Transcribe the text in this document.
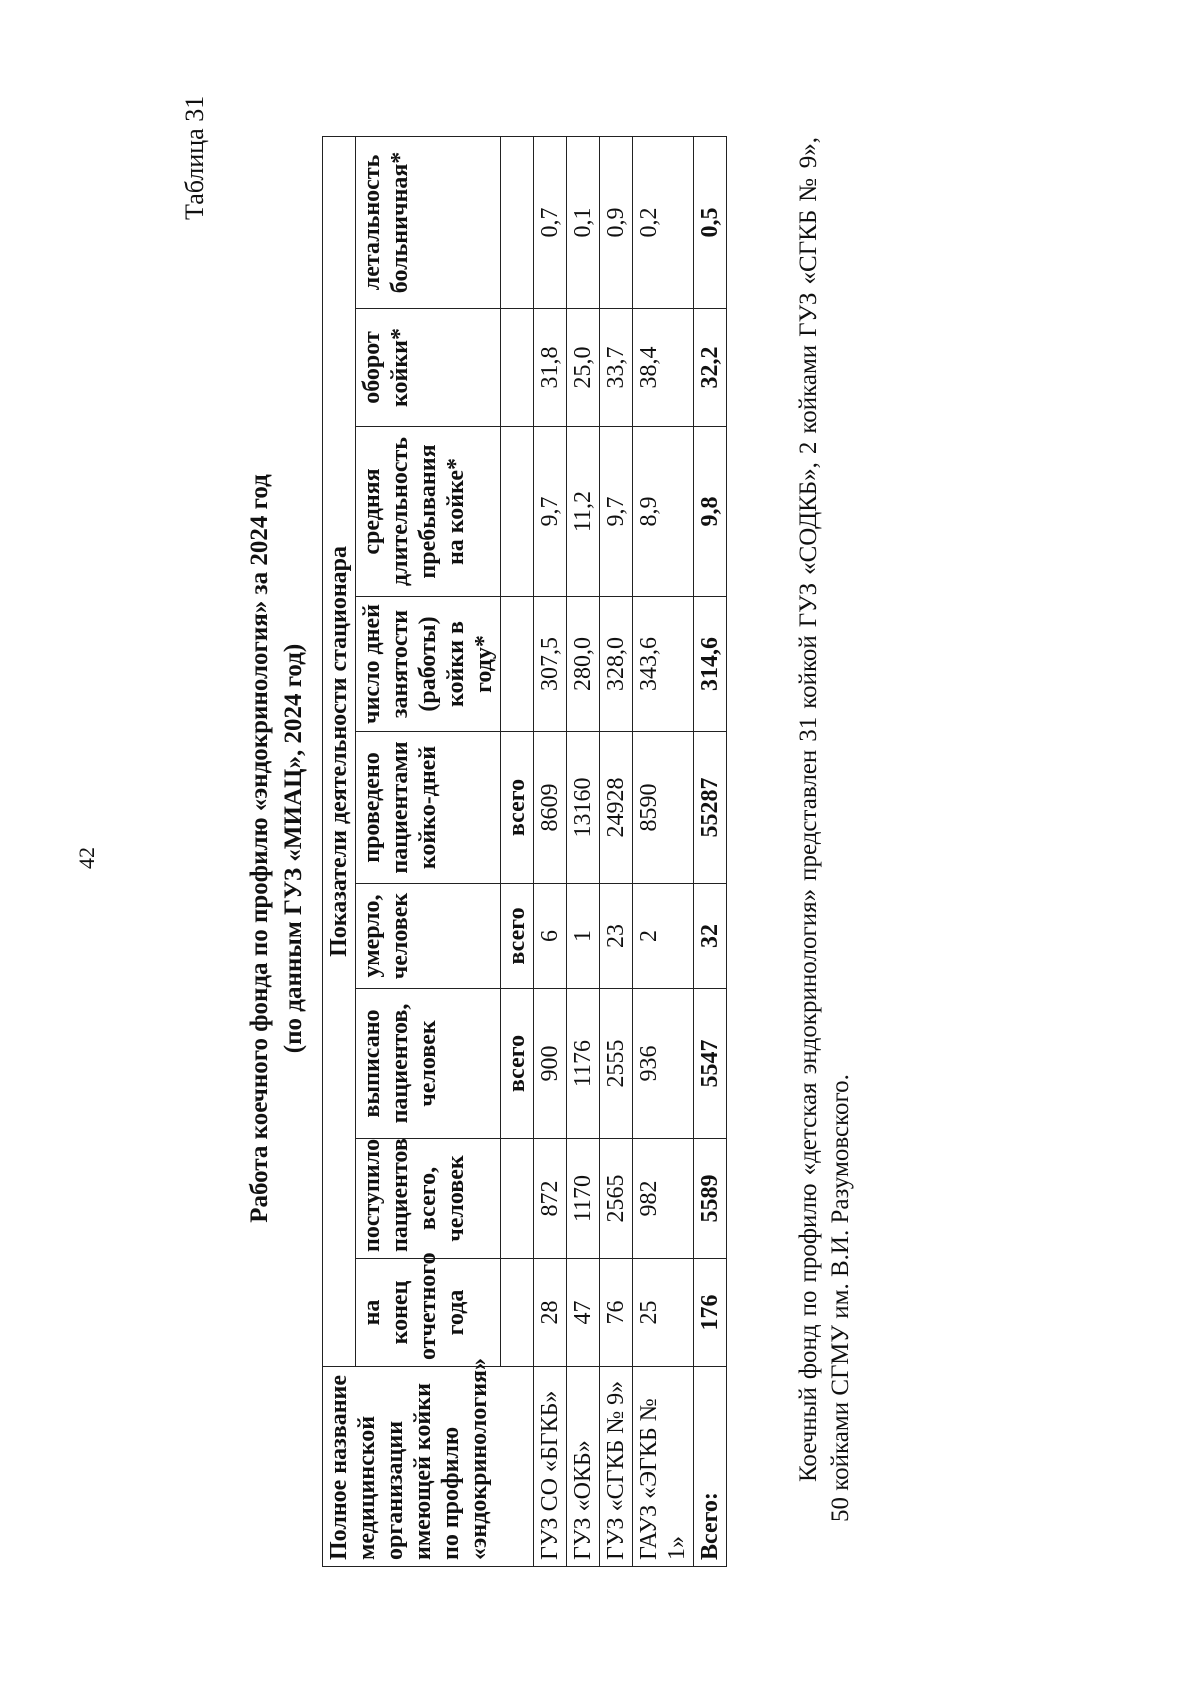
Таблица 31
42	Работа коечного фонда по профилю «эндокринология» за 2024 год (по данным ГУЗ «МИАЦ», 2024 год)
Полное название медицинской организации имеющей койки по профилю «эндокринология»	Показатели деятельности стационара								
	на конец отчетного года	поступило пациентов всего, человек	выписано пациентов, человек	умерло, человек	проведено пациентами койко-дней	число дней занятости (работы) койки в году*	средняя длительность пребывания на койке*	оборот койки*	летальность больничная*
			всего	всего	всего				
ГУЗ СО «БГКБ»	28	872	900	6	8609	307,5	9,7	31,8	0,7
ГУЗ «ОКБ»	47	1170	1176	1	13160	280,0	11,2	25,0	0,1
ГУЗ «СГКБ № 9»	76	2565	2555	23	24928	328,0	9,7	33,7	0,9
ГАУЗ «ЭГКБ № 1»	25	982	936	2	8590	343,6	8,9	38,4	0,2
Всего:	176	5589	5547	32	55287	314,6	9,8	32,2	0,5	Коечный фонд по профилю «детская эндокринология» представлен 31 койкой ГУЗ «СОДКБ», 2 койками ГУЗ «СГКБ № 9», 50 койками СГМУ им. В.И. Разумовского.
